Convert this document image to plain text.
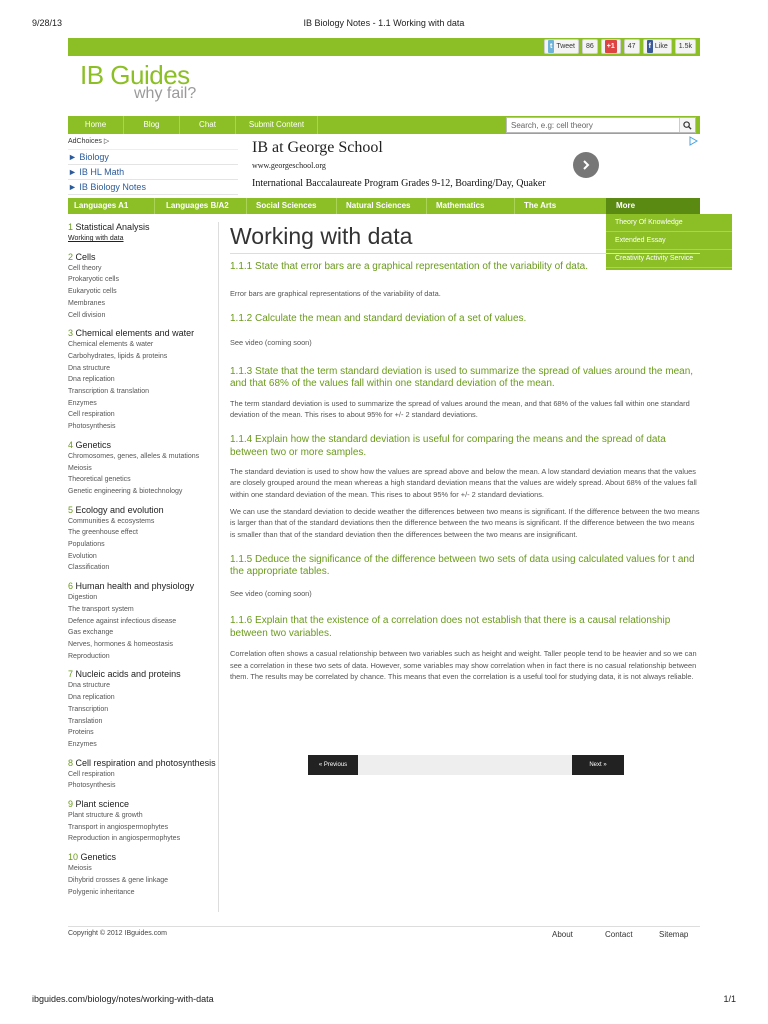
9/28/13	IB Biology Notes - 1.1 Working with data
t Tweet	86	+1	47	f Like	1.5k
IB Guides
why fail?
Home	Blog	Chat	Submit Content
Search, e.g: cell theory
AdChoices ▷
► Biology
► IB HL Math
► IB Biology Notes
IB at George School
www.georgeschool.org
International Baccalaureate Program Grades 9-12, Boarding/Day, Quaker
Languages A1	Languages B/A2	Social Sciences	Natural Sciences	Mathematics	The Arts	More
Theory Of Knowledge
Extended Essay
Creativity Activity Service
1 Statistical Analysis
Working with data
2 Cells
Cell theory
Prokaryotic cells
Eukaryotic cells
Membranes
Cell division
3 Chemical elements and water
Chemical elements & water
Carbohydrates, lipids & proteins
Dna structure
Dna replication
Transcription & translation
Enzymes
Cell respiration
Photosynthesis
4 Genetics
Chromosomes, genes, alleles & mutations
Meiosis
Theoretical genetics
Genetic engineering & biotechnology
5 Ecology and evolution
Communities & ecosystems
The greenhouse effect
Populations
Evolution
Classification
6 Human health and physiology
Digestion
The transport system
Defence against infectious disease
Gas exchange
Nerves, hormones & homeostasis
Reproduction
7 Nucleic acids and proteins
Dna structure
Dna replication
Transcription
Translation
Proteins
Enzymes
8 Cell respiration and photosynthesis
Cell respiration
Photosynthesis
9 Plant science
Plant structure & growth
Transport in angiospermophytes
Reproduction in angiospermophytes
10 Genetics
Meiosis
Dihybrid crosses & gene linkage
Polygenic inheritance
Working with data
1.1.1 State that error bars are a graphical representation of the variability of data.

Error bars are graphical representations of the variability of data.

1.1.2 Calculate the mean and standard deviation of a set of values.

See video (coming soon)

1.1.3 State that the term standard deviation is used to summarize the spread of values around the mean, and that 68% of the values fall within one standard deviation of the mean.

The term standard deviation is used to summarize the spread of values around the mean, and that 68% of the values fall within one standard deviation of the mean. This rises to about 95% for +/- 2 standard deviations.

1.1.4 Explain how the standard deviation is useful for comparing the means and the spread of data between two or more samples.

The standard deviation is used to show how the values are spread above and below the mean. A low standard deviation means that the values are closely grouped around the mean whereas a high standard deviation means that the values are widely spread. About 68% of the values fall within one standard deviation of the mean. This rises to about 95% for +/- 2 standard deviations.

We can use the standard deviation to decide weather the differences between two means is significant. If the difference between the two means is larger than that of the standard deviations then the difference between the two means is significant. If the difference between the two means is smaller than that of the standard deviation then the differences between the two means are insignificant.

1.1.5 Deduce the significance of the difference between two sets of data using calculated values for t and the appropriate tables.

See video (coming soon)

1.1.6 Explain that the existence of a correlation does not establish that there is a causal relationship between two variables.

Correlation often shows a casual relationship between two variables such as height and weight. Taller people tend to be heavier and so we can see a correlation in these two sets of data. However, some variables may show correlation when in fact there is no casual relationship between them. The results may be correlated by chance. This means that even the correlation is a useful tool for studying data, it is not always reliable.

« Previous	Next »
Copyright © 2012 IBguides.com	About	Contact	Sitemap
ibguides.com/biology/notes/working-with-data	1/1
